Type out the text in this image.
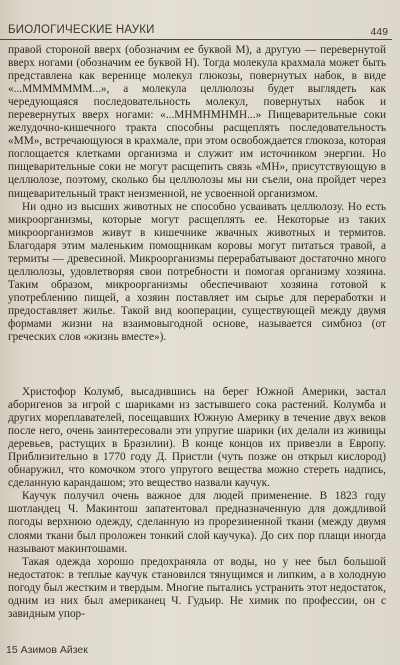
БИОЛОГИЧЕСКИЕ НАУКИ	449

правой стороной вверх (обозначим ее буквой M), а другую — перевернутой вверх ногами (обозначим ее буквой H). Тогда молекула крахмала может быть представлена как веренице молекул глюкозы, повернутых набок, в виде «...MMMMMMM...», а молекула целлюлозы будет выглядеть как чередующаяся последовательность молекул, повернутых набок и перевернутых вверх ногами: «...MHMHMHMH...» Пищеварительные соки желудочно-кишечного тракта способны расщеплять последовательность «MM», встречающуюся в крахмале, при этом освобождается глюкоза, которая поглощается клетками организма и служит им источником энергии. Но пищеварительные соки не могут расщепить связь «MH», присутствующую в целлюлозе, поэтому, сколько бы целлюлозы мы ни съели, она пройдет через пищеварительный тракт неизменной, не усвоенной организмом.

Ни одно из высших животных не способно усваивать целлюлозу. Но есть микроорганизмы, которые могут расщеплять ее. Некоторые из таких микроорганизмов живут в кишечнике жвачных животных и термитов. Благодаря этим маленьким помощникам коровы могут питаться травой, а термиты — древесиной. Микроорганизмы перерабатывают достаточно много целлюлозы, удовлетворяя свои потребности и помогая организму хозяина. Таким образом, микроорганизмы обеспечивают хозяина готовой к употреблению пищей, а хозяин поставляет им сырье для переработки и предоставляет жилье. Такой вид кооперации, существующей между двумя формами жизни на взаимовыгодной основе, называется симбиоз (от греческих слов «жизнь вместе»).

Христофор Колумб, высадившись на берег Южной Америки, застал аборигенов за игрой с шариками из застывшего сока растений. Колумба и других мореплавателей, посещавших Южную Америку в течение двух веков после него, очень заинтересовали эти упругие шарики (их делали из живицы деревьев, растущих в Бразилии). В конце концов их привезли в Европу. Приблизительно в 1770 году Д. Пристли (чуть позже он открыл кислород) обнаружил, что комочком этого упругого вещества можно стереть надпись, сделанную карандашом; это вещество назвали каучук.

Каучук получил очень важное для людей применение. В 1823 году шотландец Ч. Макинтош запатентовал предназначенную для дождливой погоды верхнюю одежду, сделанную из прорезиненной ткани (между двумя слоями ткани был проложен тонкий слой каучука). До сих пор плащи иногда называют макинтошами.

Такая одежда хорошо предохраняла от воды, но у нее был большой недостаток: в теплые каучук становился тянущимся и липким, а в холодную погоду был жестким и твердым. Многие пытались устранить этот недостаток, одним из них был американец Ч. Гудьир. Не химик по профессии, он с завидным упор-

15 Азимов Айзек
